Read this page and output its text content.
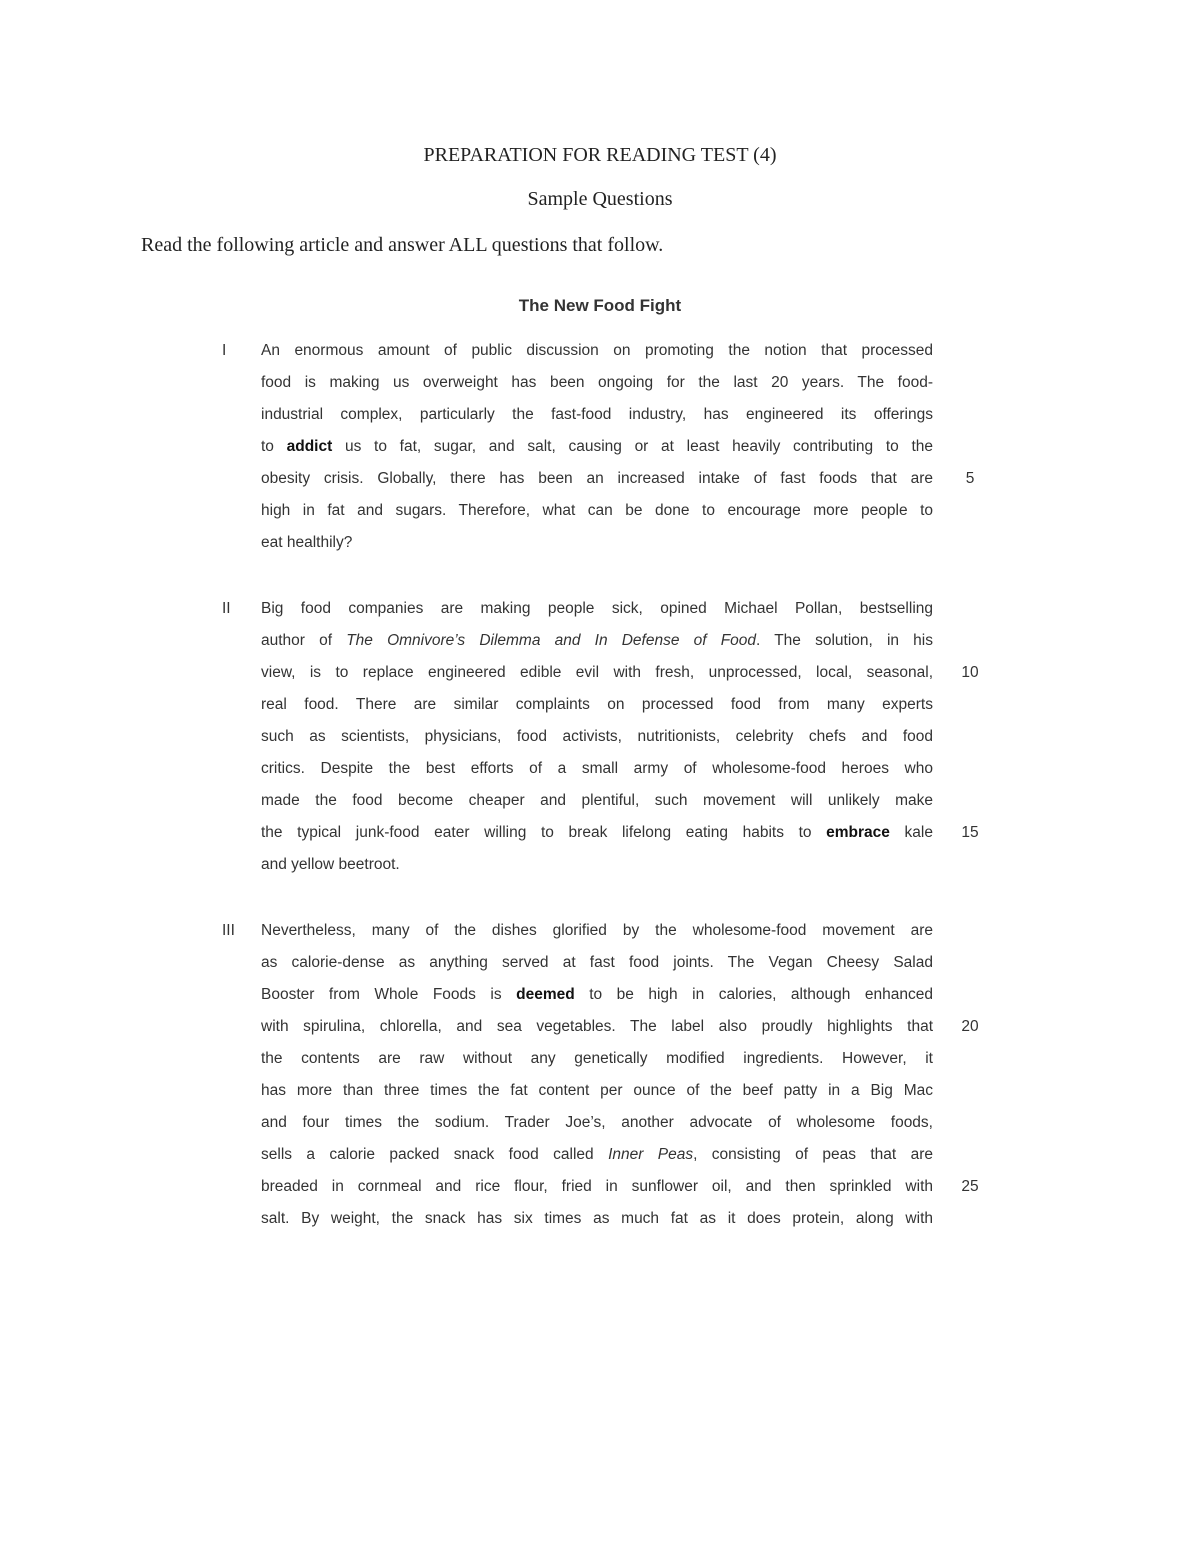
PREPARATION FOR READING TEST (4)
Sample Questions
Read the following article and answer ALL questions that follow.
The New Food Fight
I An enormous amount of public discussion on promoting the notion that processed
food is making us overweight has been ongoing for the last 20 years. The food-
industrial complex, particularly the fast-food industry, has engineered its offerings
to addict us to fat, sugar, and salt, causing or at least heavily contributing to the
obesity crisis. Globally, there has been an increased intake of fast foods that are
high in fat and sugars. Therefore, what can be done to encourage more people to
eat healthily?
II Big food companies are making people sick, opined Michael Pollan, bestselling
author of The Omnivore’s Dilemma and In Defense of Food. The solution, in his
view, is to replace engineered edible evil with fresh, unprocessed, local, seasonal,
real food. There are similar complaints on processed food from many experts
such as scientists, physicians, food activists, nutritionists, celebrity chefs and food
critics. Despite the best efforts of a small army of wholesome-food heroes who
made the food become cheaper and plentiful, such movement will unlikely make
the typical junk-food eater willing to break lifelong eating habits to embrace kale
and yellow beetroot.
III Nevertheless, many of the dishes glorified by the wholesome-food movement are
as calorie-dense as anything served at fast food joints. The Vegan Cheesy Salad
Booster from Whole Foods is deemed to be high in calories, although enhanced
with spirulina, chlorella, and sea vegetables. The label also proudly highlights that
the contents are raw without any genetically modified ingredients. However, it
has more than three times the fat content per ounce of the beef patty in a Big Mac
and four times the sodium. Trader Joe’s, another advocate of wholesome foods,
sells a calorie packed snack food called Inner Peas, consisting of peas that are
breaded in cornmeal and rice flour, fried in sunflower oil, and then sprinkled with
salt. By weight, the snack has six times as much fat as it does protein, along with
5
10
15
20
25
